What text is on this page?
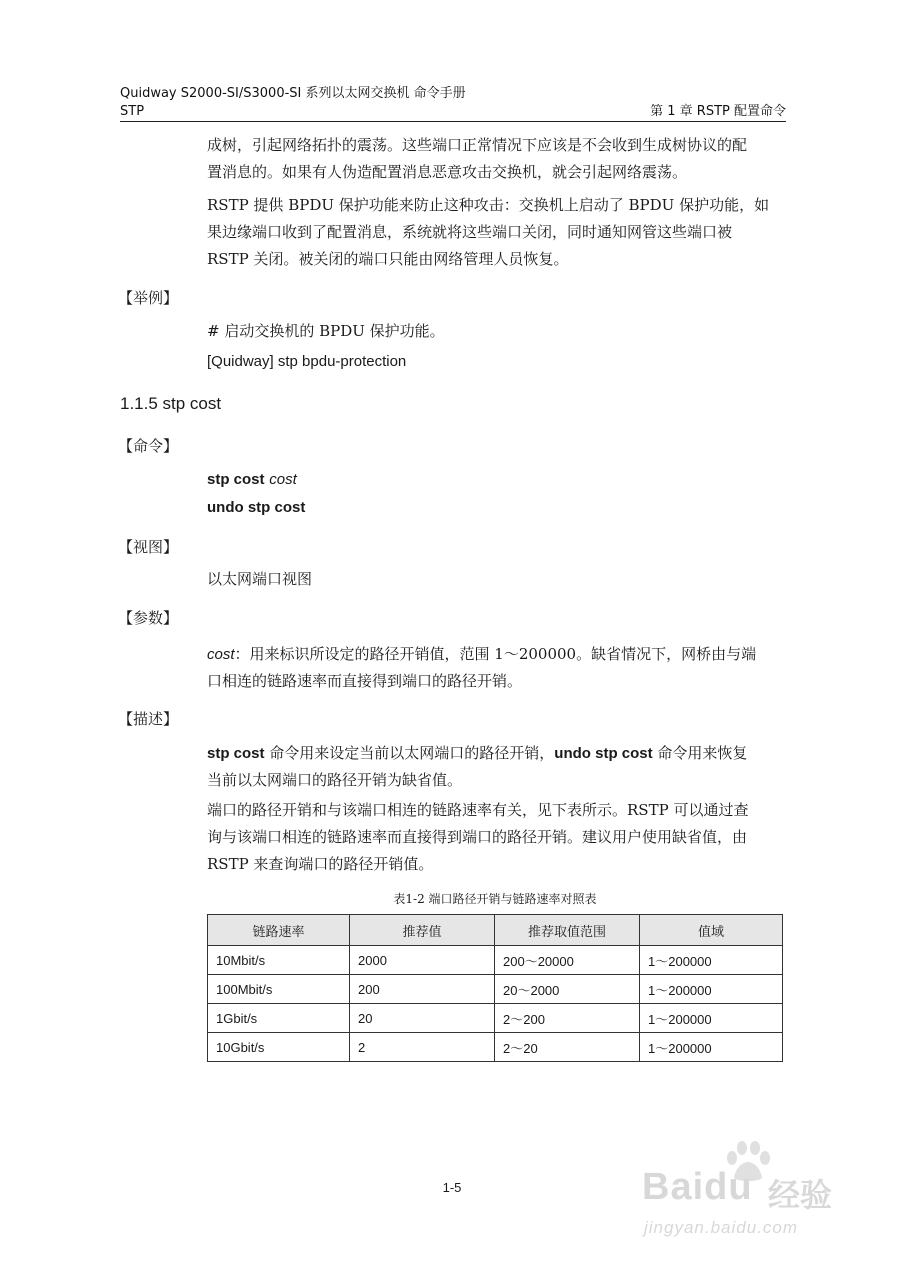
Quidway S2000-SI/S3000-SI 系列以太网交换机 命令手册
STP	第 1 章 RSTP 配置命令
成树，引起网络拓扑的震荡。这些端口正常情况下应该是不会收到生成树协议的配
置消息的。如果有人伪造配置消息恶意攻击交换机，就会引起网络震荡。
RSTP 提供 BPDU 保护功能来防止这种攻击：交换机上启动了 BPDU 保护功能，如
果边缘端口收到了配置消息，系统就将这些端口关闭，同时通知网管这些端口被
RSTP 关闭。被关闭的端口只能由网络管理人员恢复。
【举例】
# 启动交换机的 BPDU 保护功能。
[Quidway] stp bpdu-protection
1.1.5 stp cost
【命令】
stp cost cost
undo stp cost
【视图】
以太网端口视图
【参数】
cost：用来标识所设定的路径开销值，范围 1～200000。缺省情况下，网桥由与端
口相连的链路速率而直接得到端口的路径开销。
【描述】
stp cost 命令用来设定当前以太网端口的路径开销，undo stp cost 命令用来恢复
当前以太网端口的路径开销为缺省值。
端口的路径开销和与该端口相连的链路速率有关，见下表所示。RSTP 可以通过查
询与该端口相连的链路速率而直接得到端口的路径开销。建议用户使用缺省值，由
RSTP 来查询端口的路径开销值。
表1-2 端口路径开销与链路速率对照表
链路速率	推荐值	推荐取值范围	值域
10Mbit/s	2000	200～20000	1～200000
100Mbit/s	200	20～2000	1～200000
1Gbit/s	20	2～200	1～200000
10Gbit/s	2	2～20	1～200000
1-5	Baidu 经验
jingyan.baidu.com
